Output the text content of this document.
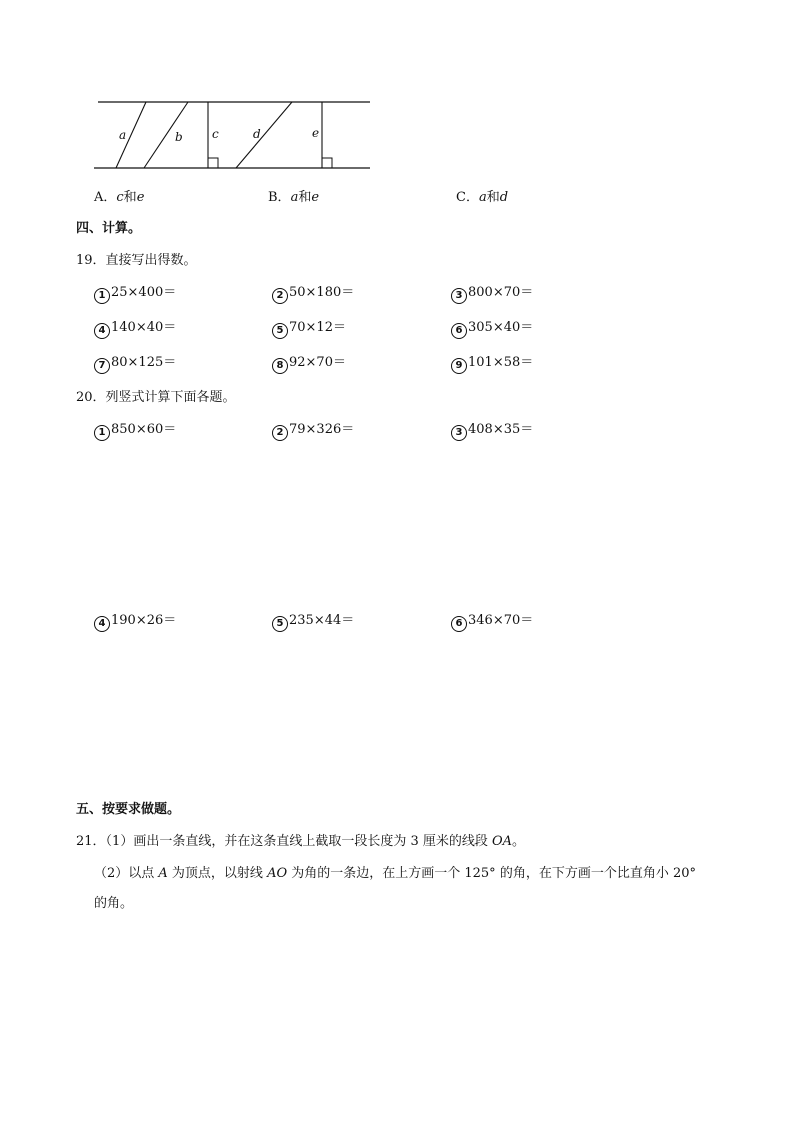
a	b c	d	e
A．c和e	B．a和e	C．a和d
四、计算。
19．直接写出得数。
1 25×400＝	2 50×180＝	3 800×70＝
4 140×40＝	5 70×12＝	6 305×40＝
7 80×125＝	8 92×70＝	9 101×58＝
20．列竖式计算下面各题。
1 850×60＝	2 79×326＝	3 408×35＝
4 190×26＝	5 235×44＝	6 346×70＝
五、按要求做题。
21．（1）画出一条直线，并在这条直线上截取一段长度为 3 厘米的线段 OA。
（2）以点 A 为顶点，以射线 AO 为角的一条边，在上方画一个 125° 的角，在下方画一个比直角小 20°
的角。
